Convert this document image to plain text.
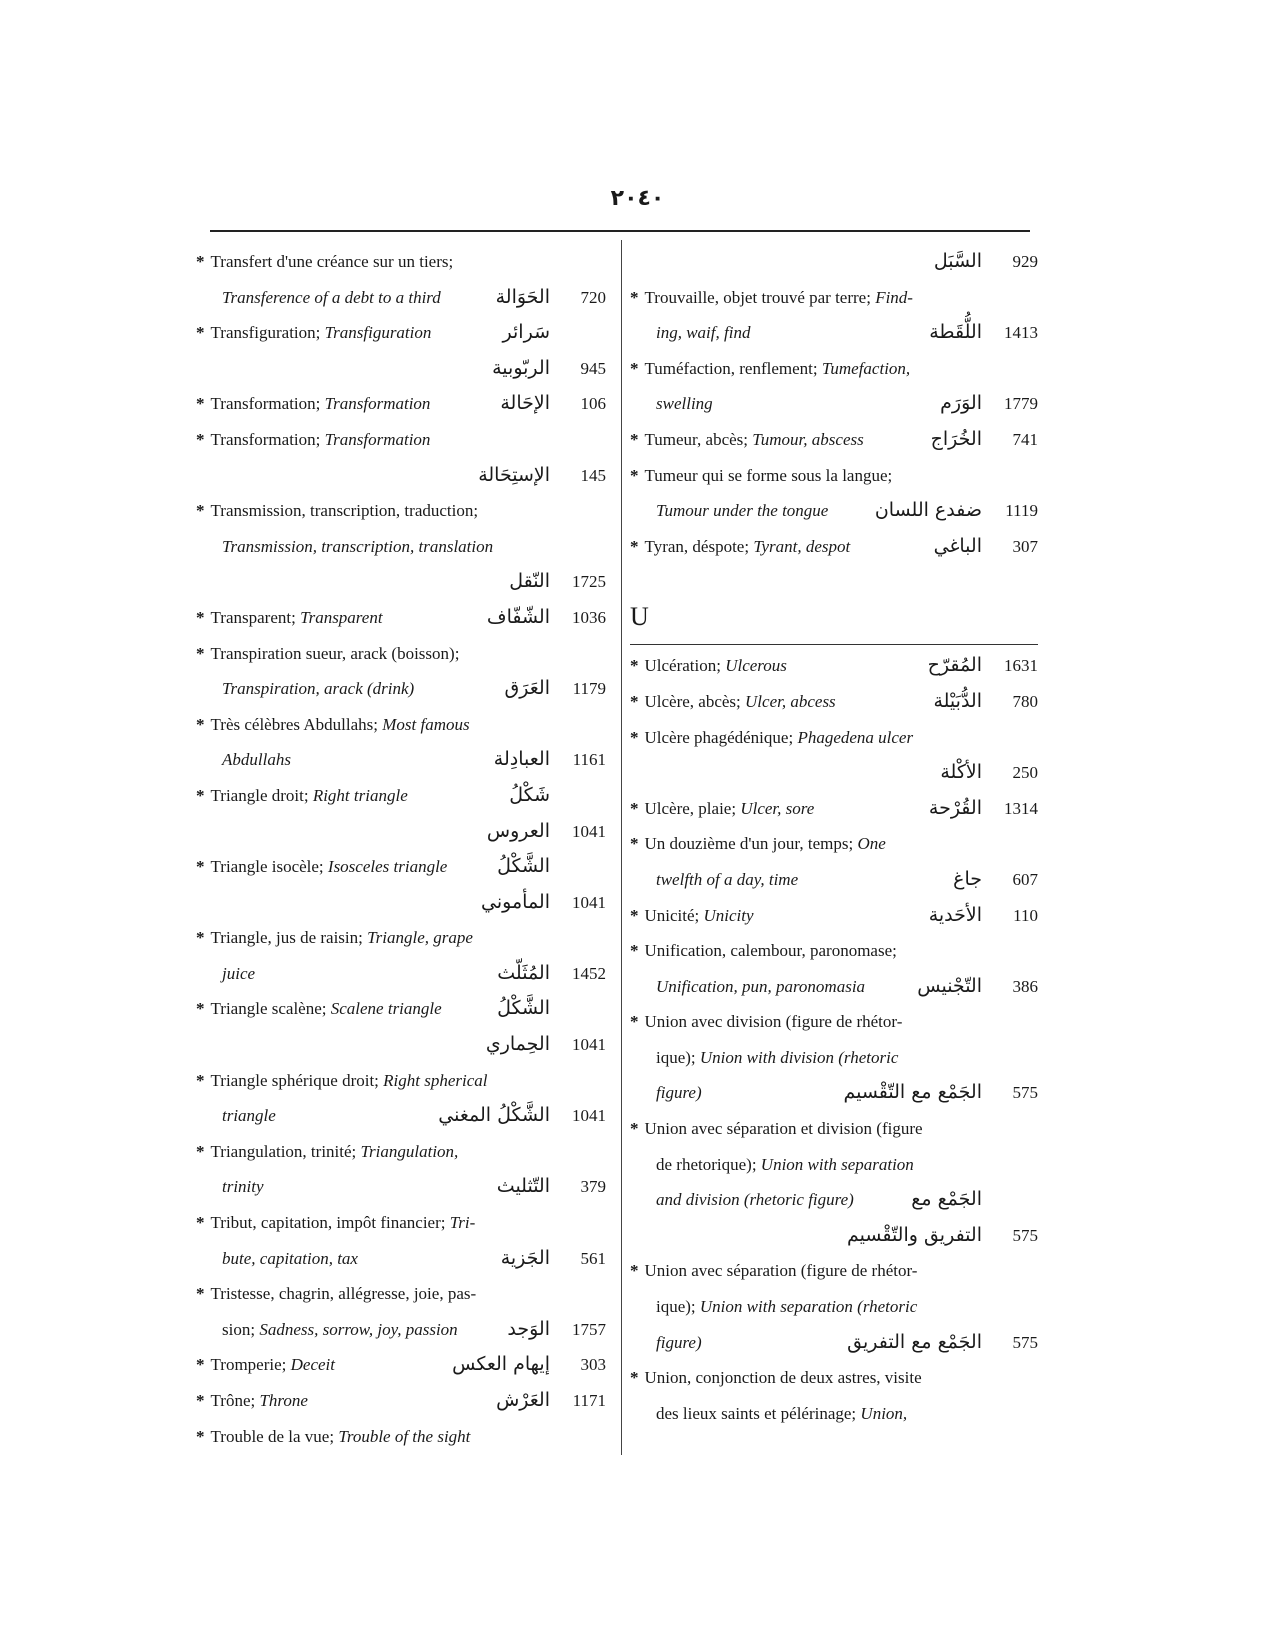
٢٠٤٠
* Transfert d'une créance sur un tiers;
Transference of a debt to a third	الحَوَالة	720
* Transfiguration; Transfiguration	سَرائر
الربّوبية	945
* Transformation; Transformation	الإحَالة	106
* Transformation; Transformation
الإستِحَالة	145
* Transmission, transcription, traduction;
Transmission, transcription, translation
النّقل	1725
* Transparent; Transparent	الشّفّاف	1036
* Transpiration sueur, arack (boisson);
Transpiration, arack (drink)	العَرَق	1179
* Très célèbres Abdullahs; Most famous
Abdullahs	العبادِلة	1161
* Triangle droit; Right triangle	شَكْلُ
العروس	1041
* Triangle isocèle; Isosceles triangle	الشَّكْلُ
المأموني	1041
* Triangle, jus de raisin; Triangle, grape
juice	المُثَلّث	1452
* Triangle scalène; Scalene triangle	الشَّكْلُ
الحِماري	1041
* Triangle sphérique droit; Right spherical
triangle	الشَّكْلُ المغني	1041
* Triangulation, trinité; Triangulation,
trinity	التّثليث	379
* Tribut, capitation, impôt financier; Tri-
bute, capitation, tax	الجَزية	561
* Tristesse, chagrin, allégresse, joie, pas-
sion; Sadness, sorrow, joy, passion	الوَجد	1757
* Tromperie; Deceit	إيهام العكس	303
* Trône; Throne	العَرْش	1171
* Trouble de la vue; Trouble of the sight
السَّبَل	929
* Trouvaille, objet trouvé par terre; Find-
ing, waif, find	اللُّقَطة	1413
* Tuméfaction, renflement; Tumefaction,
swelling	الوَرَم	1779
* Tumeur, abcès; Tumour, abscess	الخُرَاج	741
* Tumeur qui se forme sous la langue;
Tumour under the tongue ضفدع اللسان	1119
* Tyran, déspote; Tyrant, despot	الباغي	307
U
* Ulcération; Ulcerous	المُقرّح	1631
* Ulcère, abcès; Ulcer, abcess	الدُّبَيْلة	780
* Ulcère phagédénique; Phagedena ulcer
الأكْلة	250
* Ulcère, plaie; Ulcer, sore	القُرْحة	1314
* Un douzième d'un jour, temps; One
twelfth of a day, time	جاغ	607
* Unicité; Unicity	الأحَدية	110
* Unification, calembour, paronomase;
Unification, pun, paronomasia	التّجْنيس	386
* Union avec division (figure de rhétor-
ique); Union with division (rhetoric
figure)	الجَمْع مع التّقْسيم	575
* Union avec séparation et division (figure
de rhetorique); Union with separation
and division (rhetoric figure)	الجَمْع مع
التفريق والتّقْسيم	575
* Union avec séparation (figure de rhétor-
ique); Union with separation (rhetoric
figure)	الجَمْع مع التفريق	575
* Union, conjonction de deux astres, visite
des lieux saints et pélérinage; Union,
